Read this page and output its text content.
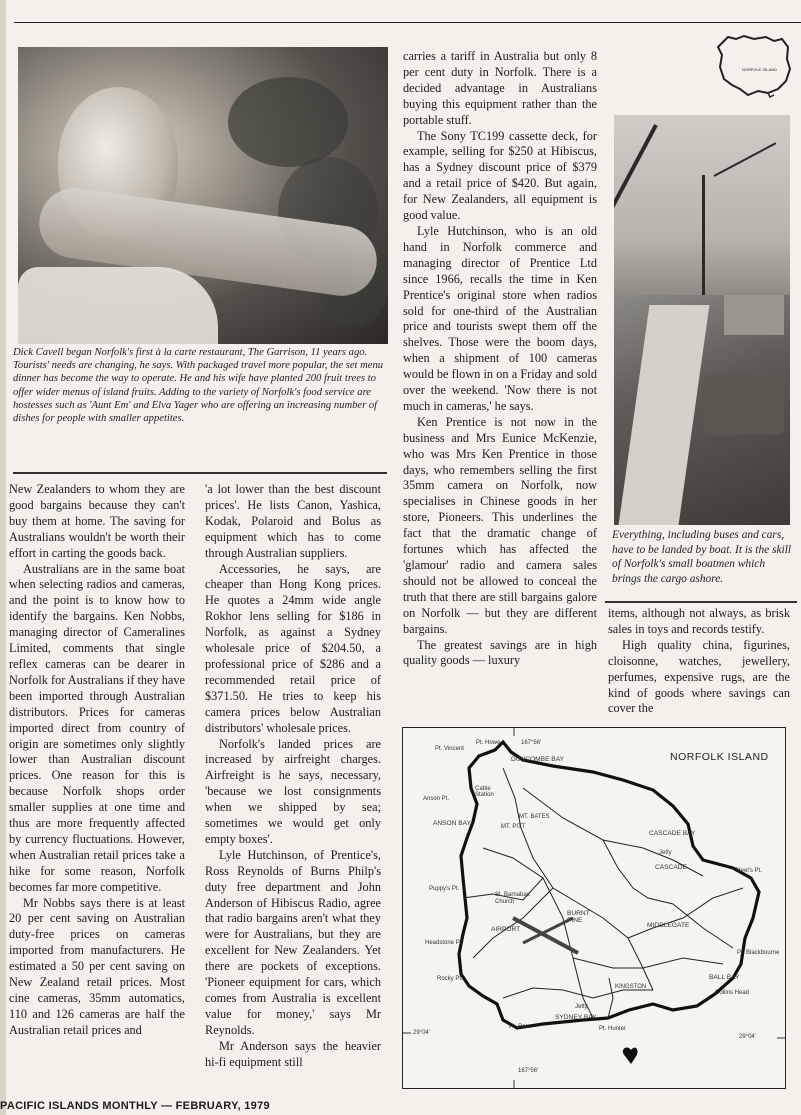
NORFOLK ISLAND
Dick Cavell began Norfolk's first à la carte restaurant, The Garrison, 11 years ago. Tourists' needs are changing, he says. With packaged travel more popular, the set menu dinner has become the way to operate. He and his wife have planted 200 fruit trees to offer wider menus of island fruits. Adding to the variety of Norfolk's food service are hostesses such as 'Aunt Em' and Elva Yager who are offering an increasing number of dishes for people with smaller appetites.

New Zealanders to whom they are good bargains because they can't buy them at home. The saving for Australians wouldn't be worth their effort in carting the goods back.

Australians are in the same boat when selecting radios and cameras, and the point is to know how to identify the bargains. Ken Nobbs, managing director of Cameralines Limited, comments that single reflex cameras can be dearer in Norfolk for Australians if they have been imported through Australian distributors. Prices for cameras imported direct from country of origin are sometimes only slightly lower than Australian discount prices. One reason for this is because Norfolk shops order smaller supplies at one time and thus are more frequently affected by currency fluctuations. However, when Australian retail prices take a hike for some reason, Norfolk becomes far more competitive.

Mr Nobbs says there is at least 20 per cent saving on Australian duty-free prices on cameras imported from manufacturers. He estimated a 50 per cent saving on New Zealand retail prices. Most cine cameras, 35mm automatics, 110 and 126 cameras are half the Australian retail prices and

'a lot lower than the best discount prices'. He lists Canon, Yashica, Kodak, Polaroid and Bolus as equipment which has to come through Australian suppliers.

Accessories, he says, are cheaper than Hong Kong prices. He quotes a 24mm wide angle Rokhor lens selling for $186 in Norfolk, as against a Sydney wholesale price of $204.50, a professional price of $286 and a recommended retail price of $371.50. He tries to keep his camera prices below Australian distributors' wholesale prices.

Norfolk's landed prices are increased by airfreight charges. Airfreight is he says, necessary, 'because we lost consignments when we shipped by sea; sometimes we would get only empty boxes'.

Lyle Hutchinson, of Prentice's, Ross Reynolds of Burns Philp's duty free department and John Anderson of Hibiscus Radio, agree that radio bargains aren't what they were for Australians, but they are excellent for New Zealanders. Yet there are pockets of exceptions. 'Pioneer equipment for cars, which comes from Australia is excellent value for money,' says Mr Reynolds.

Mr Anderson says the heavier hi-fi equipment still

carries a tariff in Australia but only 8 per cent duty in Norfolk. There is a decided advantage in Australians buying this equipment rather than the portable stuff.

The Sony TC199 cassette deck, for example, selling for $250 at Hibiscus, has a Sydney discount price of $379 and a retail price of $420. But again, for New Zealanders, all equipment is good value.

Lyle Hutchinson, who is an old hand in Norfolk commerce and managing director of Prentice Ltd since 1966, recalls the time in Ken Prentice's original store when radios sold for one-third of the Australian price and tourists swept them off the shelves. Those were the boom days, when a shipment of 100 cameras would be flown in on a Friday and sold over the weekend. 'Now there is not much in cameras,' he says.

Ken Prentice is not now in the business and Mrs Eunice McKenzie, who was Mrs Ken Prentice in those days, who remembers selling the first 35mm camera on Norfolk, now specialises in Chinese goods in her store, Pioneers. This underlines the fact that the dramatic change of fortunes which has affected the 'glamour' radio and camera sales should not be allowed to conceal the truth that there are still bargains galore on Norfolk — but they are different bargains.

The greatest savings are in high quality goods — luxury

Everything, including buses and cars, have to be landed by boat. It is the skill of Norfolk's small boatmen which brings the cargo ashore.

items, although not always, as brisk sales in toys and records testify.

High quality china, figurines, cloisonne, watches, jewellery, perfumes, expensive rugs, are the kind of goods where savings can cover the

NORFOLK ISLAND
167°56'
167°56'
29°04'
29°04'
Pt. Howe
Pt. Vincent
DUNCOMBE BAY
Anson Pt.
Cable Station
ANSON BAY
MT. BATES
MT. PITT
CASCADE BAY
Jetty
CASCADE	Steel's Pt.
Puppy's Pt.
St. Barnabas Church
BURNT PINE
AIRPORT
MIDDLEGATE
Headstone Pt.
Rocky Pt.
Pt. Blackbourne
BALL BAY
KINGSTON
Collins Head
Jetty
SYDNEY BAY
Pt. Ross	Pt. Hunter
PACIFIC ISLANDS MONTHLY — FEBRUARY, 1979
